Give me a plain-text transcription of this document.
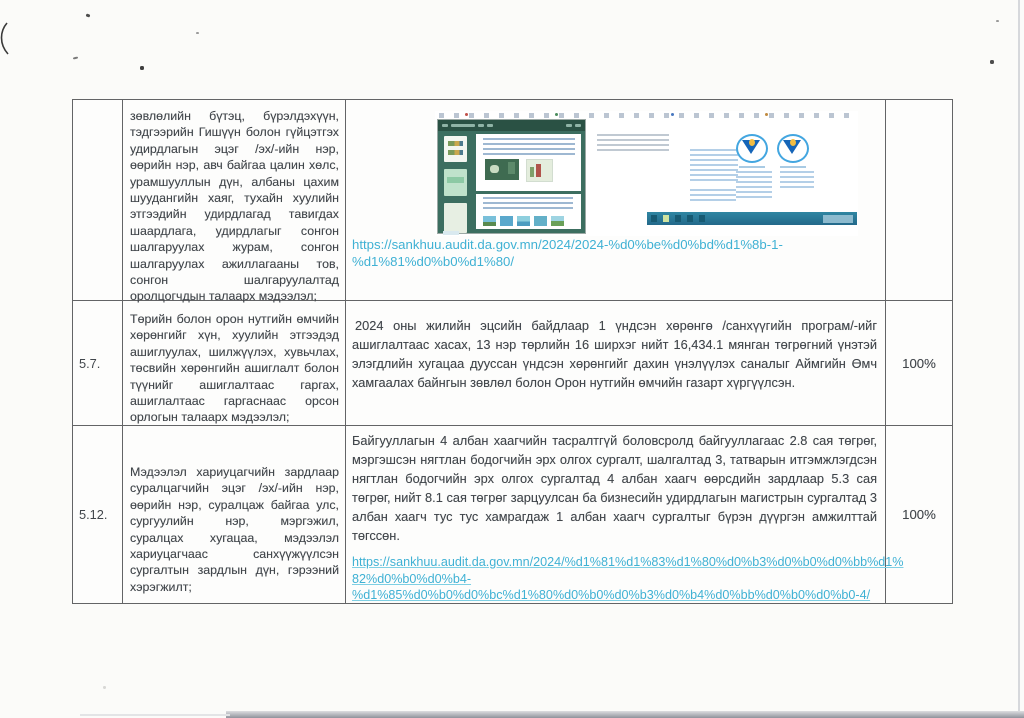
зөвлөлийн бүтэц, бүрэлдэхүүн, тэдгээрийн Гишүүн болон гүйцэтгэх удирдлагын эцэг /эх/-ийн нэр, өөрийн нэр, авч байгаа цалин хөлс, урамшууллын дүн, албаны цахим шуудангийн хаяг, тухайн хуулийн этгээдийн удирдлагад тавигдах шаардлага, удирдлагыг сонгон шалгаруулах журам, сонгон шалгаруулах ажиллагааны тов, сонгон шалгаруулалтад оролцогчдын талаарх мэдээлэл;
https://sankhuu.audit.da.gov.mn/2024/2024-%d0%be%d0%bd%d1%8b-1-
%d1%81%d0%b0%d1%80/
5.7.
Төрийн болон орон нутгийн өмчийн хөрөнгийг хүн, хуулийн этгээдэд ашиглуулах, шилжүүлэх, хувьчлах, төсвийн хөрөнгийн ашиглалт болон түүнийг ашиглалтаас гаргах, ашиглалтаас гаргаснаас орсон орлогын талаарх мэдээлэл;

2024 оны жилийн эцсийн байдлаар 1 үндсэн хөрөнгө /санхүүгийн програм/-ийг ашиглалтаас хасах, 13 нэр төрлийн 16 ширхэг нийт 16,434.1 мянган төгрөгний үнэтэй элэгдлийн хугацаа дууссан үндсэн хөрөнгийг дахин үнэлүүлэх саналыг Аймгийн Өмч хамгаалах байнгын зөвлөл болон Орон нутгийн өмчийн газарт хүргүүлсэн.

100%
5.12.
Мэдээлэл хариуцагчийн зардлаар суралцагчийн эцэг /эх/-ийн нэр, өөрийн нэр, суралцаж байгаа улс, сургуулийн нэр, мэргэжил, суралцах хугацаа, мэдээлэл хариуцагчаас санхүүжүүлсэн сургалтын зардлын дүн, гэрээний хэрэгжилт;

Байгууллагын 4 албан хаагчийн тасралтгүй боловсролд байгууллагаас 2.8 сая төгрөг, мэргэшсэн нягтлан бодогчийн эрх олгох сургалт, шалгалтад 3, татварын итгэмжлэгдсэн нягтлан бодогчийн эрх олгох сургалтад 4 албан хаагч өөрсдийн зардлаар 5.3 сая төгрөг, нийт 8.1 сая төгрөг зарцуулсан ба бизнесийн удирдлагын магистрын сургалтад 3 албан хаагч тус тус хамрагдаж 1 албан хаагч сургалтыг бүрэн дүүргэн амжилттай төгссөн.

https://sankhuu.audit.da.gov.mn/2024/%d1%81%d1%83%d1%80%d0%b3%d0%b0%d0%bb%d1%
82%d0%b0%d0%b4-
%d1%85%d0%b0%d0%bc%d1%80%d0%b0%d0%b3%d0%b4%d0%bb%d0%b0%d0%b0-4/
100%
